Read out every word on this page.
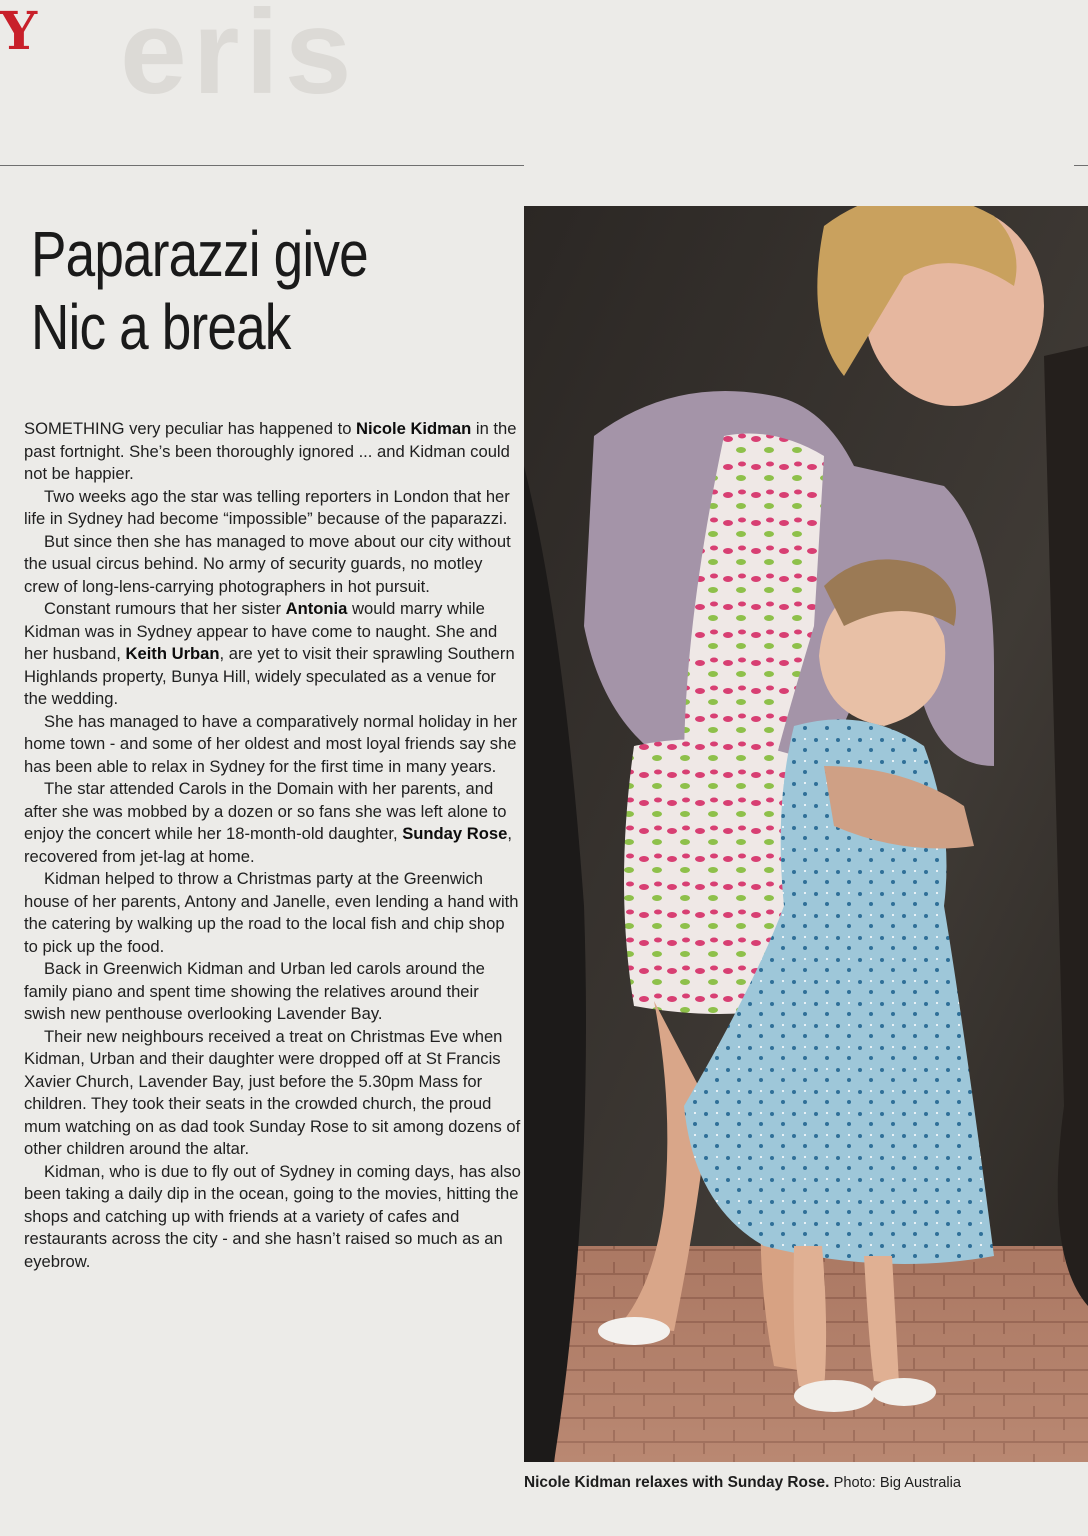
eris
Y
Paparazzi give
Nic a break

SOMETHING very peculiar has happened to Nicole Kidman in the past fortnight. She’s been thoroughly ignored ... and Kidman could not be happier.

Two weeks ago the star was telling reporters in London that her life in Sydney had become “impossible” because of the paparazzi.

But since then she has managed to move about our city without the usual circus behind. No army of security guards, no motley crew of long-lens-carrying photographers in hot pursuit.

Constant rumours that her sister Antonia would marry while Kidman was in Sydney appear to have come to naught. She and her husband, Keith Urban, are yet to visit their sprawling Southern Highlands property, Bunya Hill, widely speculated as a venue for the wedding.

She has managed to have a comparatively normal holiday in her home town - and some of her oldest and most loyal friends say she has been able to relax in Sydney for the first time in many years.

The star attended Carols in the Domain with her parents, and after she was mobbed by a dozen or so fans she was left alone to enjoy the concert while her 18-month-old daughter, Sunday Rose, recovered from jet-lag at home.

Kidman helped to throw a Christmas party at the Greenwich house of her parents, Antony and Janelle, even lending a hand with the catering by walking up the road to the local fish and chip shop to pick up the food.

Back in Greenwich Kidman and Urban led carols around the family piano and spent time showing the relatives around their swish new penthouse overlooking Lavender Bay.

Their new neighbours received a treat on Christmas Eve when Kidman, Urban and their daughter were dropped off at St Francis Xavier Church, Lavender Bay, just before the 5.30pm Mass for children. They took their seats in the crowded church, the proud mum watching on as dad took Sunday Rose to sit among dozens of other children around the altar.

Kidman, who is due to fly out of Sydney in coming days, has also been taking a daily dip in the ocean, going to the movies, hitting the shops and catching up with friends at a variety of cafes and restaurants across the city - and she hasn’t raised so much as an eyebrow.

Nicole Kidman relaxes with Sunday Rose. Photo: Big Australia
